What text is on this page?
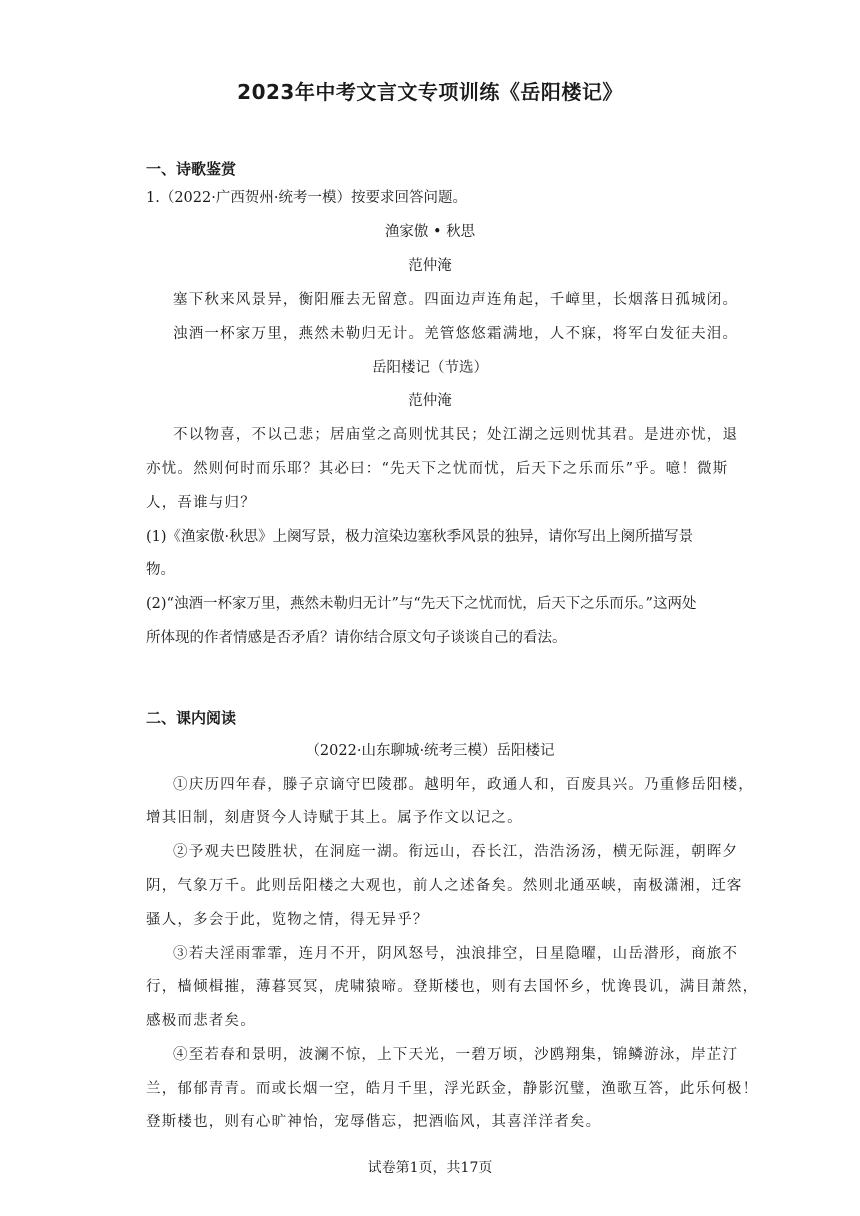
2023年中考文言文专项训练《岳阳楼记》
一、诗歌鉴赏
1.（2022·广西贺州·统考一模）按要求回答问题。
渔家傲 • 秋思
范仲淹
塞下秋来风景异，衡阳雁去无留意。四面边声连角起，千嶂里，长烟落日孤城闭。
浊酒一杯家万里，燕然未勒归无计。羌管悠悠霜满地，人不寐，将军白发征夫泪。
岳阳楼记（节选）
范仲淹
不以物喜，不以己悲；居庙堂之高则忧其民；处江湖之远则忧其君。是进亦忧，退
亦忧。然则何时而乐耶？其必曰：“先天下之忧而忧，后天下之乐而乐”乎。噫！微斯
人，吾谁与归？
(1)《渔家傲·秋思》上阕写景，极力渲染边塞秋季风景的独异，请你写出上阕所描写景
物。
(2)“浊酒一杯家万里，燕然未勒归无计”与“先天下之忧而忧，后天下之乐而乐。”这两处
所体现的作者情感是否矛盾？请你结合原文句子谈谈自己的看法。
二、课内阅读
（2022·山东聊城·统考三模）岳阳楼记
①庆历四年春，滕子京谪守巴陵郡。越明年，政通人和，百废具兴。乃重修岳阳楼，
增其旧制，刻唐贤今人诗赋于其上。属予作文以记之。
②予观夫巴陵胜状，在洞庭一湖。衔远山，吞长江，浩浩汤汤，横无际涯，朝晖夕
阴，气象万千。此则岳阳楼之大观也，前人之述备矣。然则北通巫峡，南极潇湘，迁客
骚人，多会于此，览物之情，得无异乎？
③若夫淫雨霏霏，连月不开，阴风怒号，浊浪排空，日星隐曜，山岳潜形，商旅不
行，樯倾楫摧，薄暮冥冥，虎啸猿啼。登斯楼也，则有去国怀乡，忧谗畏讥，满目萧然，
感极而悲者矣。
④至若春和景明，波澜不惊，上下天光，一碧万顷，沙鸥翔集，锦鳞游泳，岸芷汀
兰，郁郁青青。而或长烟一空，皓月千里，浮光跃金，静影沉璧，渔歌互答，此乐何极！
登斯楼也，则有心旷神怡，宠辱偕忘，把酒临风，其喜洋洋者矣。
试卷第1页，共17页
